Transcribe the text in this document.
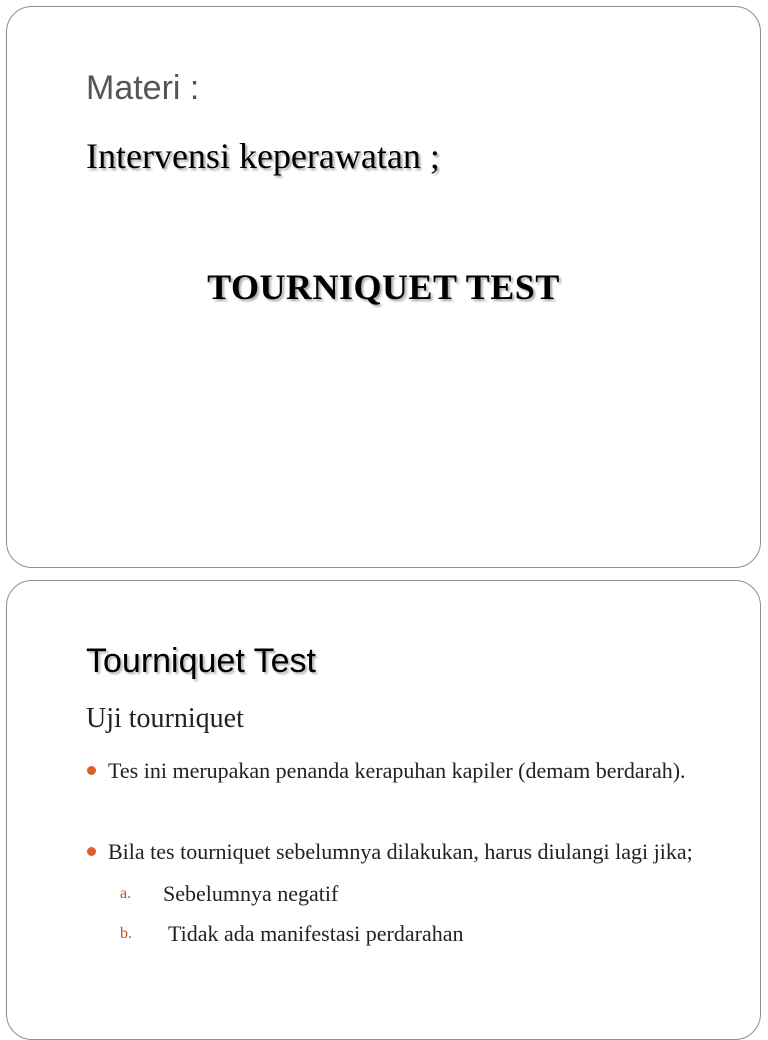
Materi :

Intervensi keperawatan ;

TOURNIQUET TEST

Tourniquet Test

Uji tourniquet

Tes ini merupakan penanda kerapuhan kapiler (demam berdarah).
Bila tes tourniquet sebelumnya dilakukan, harus diulangi lagi jika;
a. Sebelumnya negatif
b. Tidak ada manifestasi perdarahan
